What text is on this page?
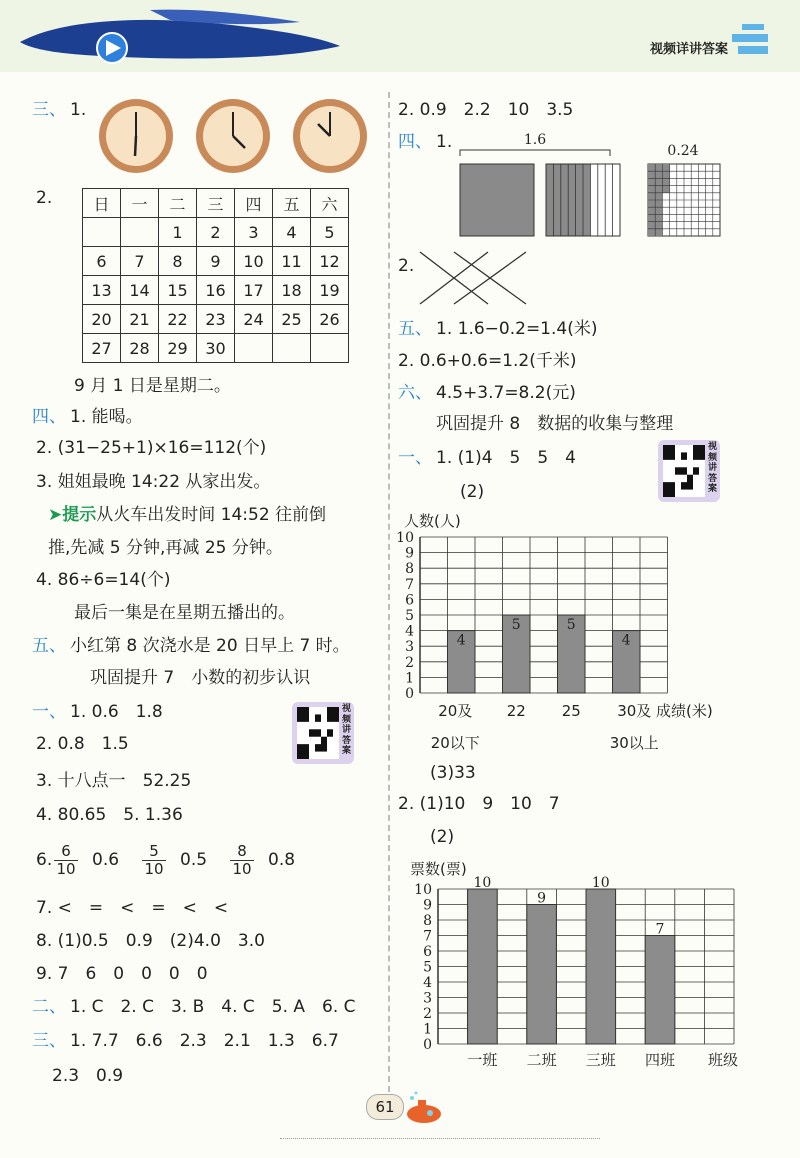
视频详讲答案
三、 1.
2.	日	一	二	三	四	五	六
		1	2	3	4	5
6	7	8	9	10	11	12
13	14	15	16	17	18	19
20	21	22	23	24	25	26
27	28	29	30			
9 月 1 日是星期二。
四、 1. 能喝。
2. (31−25+1)×16=112(个)
3. 姐姐最晚 14:22 从家出发。
➤提示从火车出发时间 14:52 往前倒
推,先减 5 分钟,再减 25 分钟。
4. 86÷6=14(个)
最后一集是在星期五播出的。
五、 小红第 8 次浇水是 20 日早上 7 时。
巩固提升 7　小数的初步认识
一、 1. 0.6　1.8	视频讲答案
2. 0.8　1.5
3. 十八点一　52.25
4. 80.65　5. 1.36
6. $\frac{6}{10} 0.6 \frac{5}{10} 0.5 \frac{8}{10} 0.8$
7. <　=　<　=　<　<
8. (1)0.5　0.9　(2)4.0　3.0
9. 7　6　0　0　0　0
二、 1. C　2. C　3. B　4. C　5. A　6. C
三、 1. 7.7　6.6　2.3　2.1　1.3　6.7
2.3　0.9
2. 0.9　2.2　10　3.5
四、 1.	1.6
0.24
2.
五、 1. 1.6−0.2=1.4(米)
2. 0.6+0.6=1.2(千米)
六、 4.5+3.7=8.2(元)
巩固提升 8　数据的收集与整理
一、 1. (1)4　5　5　4
(2)
视频讲答案
人数(人)
0
1
2
3
4
5
6
7
8
9
10
4
20及
20以下
5
22
5
25
4
30及
30以上
成绩(米)
(3)33
2. (1)10　9　10　7
(2)
票数(票)
0
1
2
3
4
5
6
7
8
9
10	10
一班
9
二班
10
三班
7
四班 班级
61
